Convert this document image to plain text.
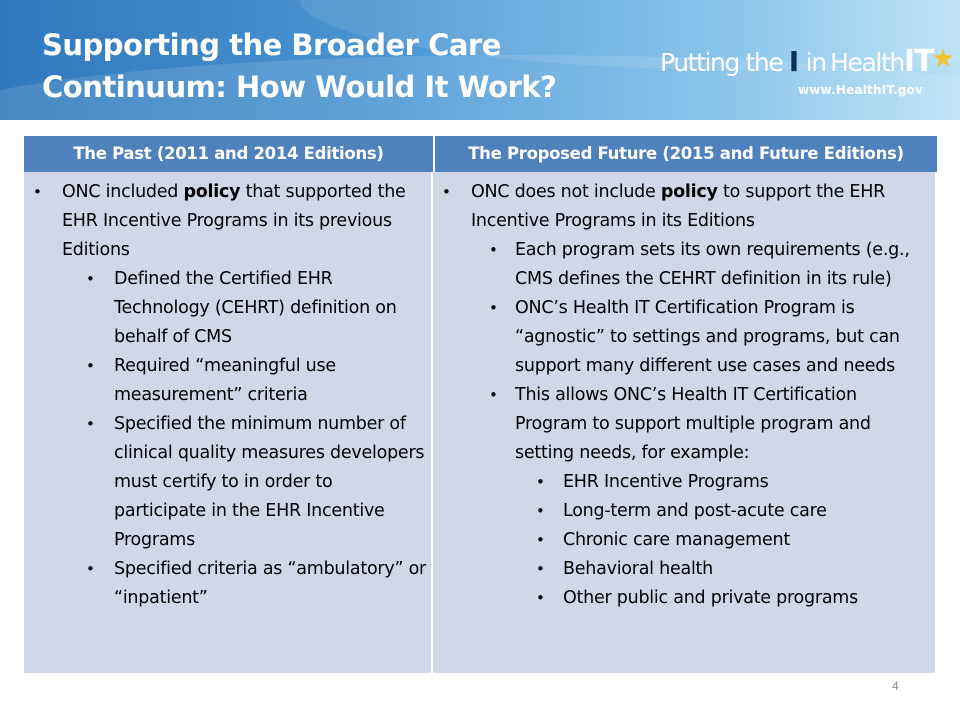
Supporting the Broader Care Continuum: How Would It Work?
Putting the I in HealthIT★
www.HealthIT.gov
The Past (2011 and 2014 Editions)	The Proposed Future (2015 and Future Editions)
• ONC included policy that supported the EHR Incentive Programs in its previous Editions
• Defined the Certified EHR Technology (CEHRT) definition on behalf of CMS
• Required “meaningful use measurement” criteria
• Specified the minimum number of clinical quality measures developers must certify to in order to participate in the EHR Incentive Programs
• Specified criteria as “ambulatory” or “inpatient”
• ONC does not include policy to support the EHR Incentive Programs in its Editions
• Each program sets its own requirements (e.g., CMS defines the CEHRT definition in its rule)
• ONC’s Health IT Certification Program is “agnostic” to settings and programs, but can support many different use cases and needs
• This allows ONC’s Health IT Certification Program to support multiple program and setting needs, for example:
• EHR Incentive Programs
• Long-term and post-acute care
• Chronic care management
• Behavioral health
• Other public and private programs
4
